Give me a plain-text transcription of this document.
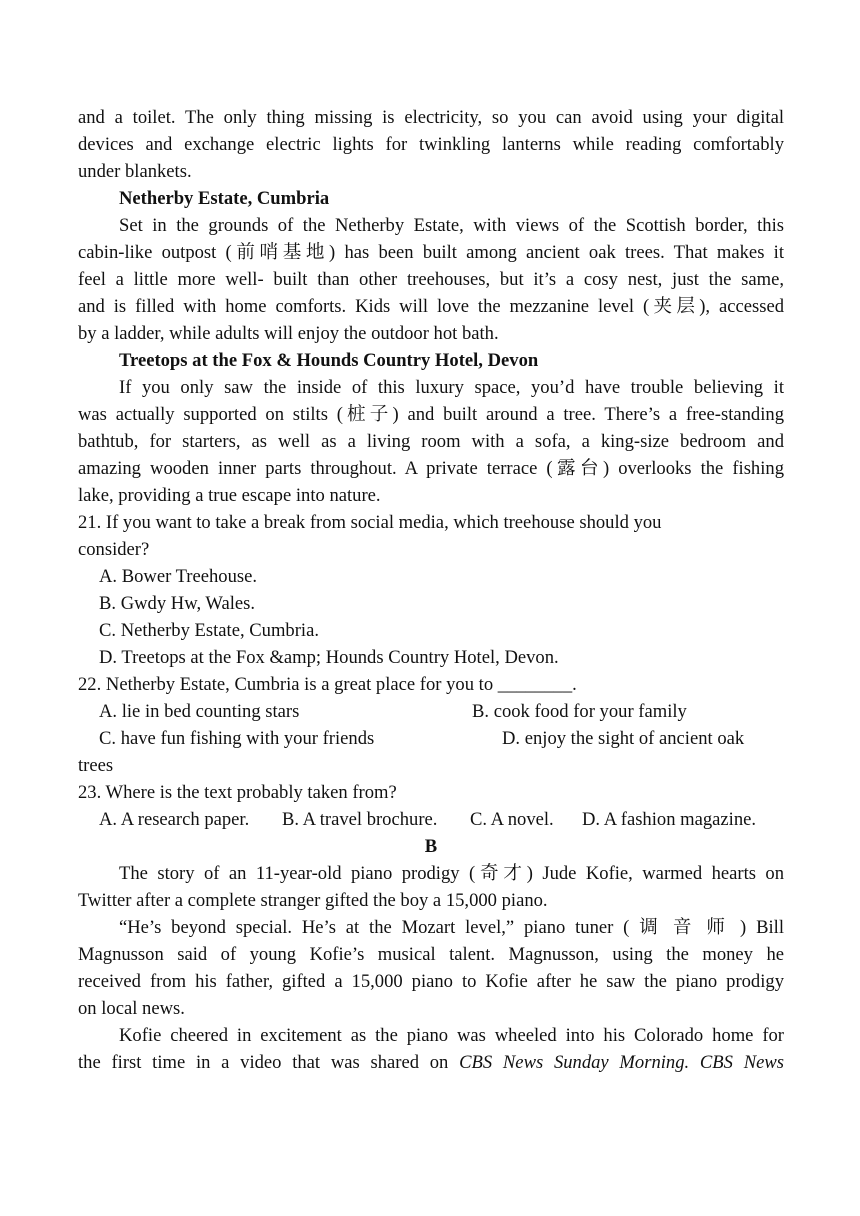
and a toilet. The only thing missing is electricity, so you can avoid using your digital
devices and exchange electric lights for twinkling lanterns while reading comfortably
under blankets.
Netherby Estate, Cumbria
Set in the grounds of the Netherby Estate, with views of the Scottish border, this
cabin-like outpost (前哨基地) has been built among ancient oak trees. That makes it
feel a little more well- built than other treehouses, but it’s a cosy nest, just the same,
and is filled with home comforts. Kids will love the mezzanine level (夹层), accessed
by a ladder, while adults will enjoy the outdoor hot bath.
Treetops at the Fox & Hounds Country Hotel, Devon
If you only saw the inside of this luxury space, you’d have trouble believing it
was actually supported on stilts (桩子) and built around a tree. There’s a free-standing
bathtub, for starters, as well as a living room with a sofa, a king-size bedroom and
amazing wooden inner parts throughout. A private terrace (露台) overlooks the fishing
lake, providing a true escape into nature.
21. If you want to take a break from social media, which treehouse should you
consider?
A. Bower Treehouse.
B. Gwdy Hw, Wales.
C. Netherby Estate, Cumbria.
D. Treetops at the Fox &amp; Hounds Country Hotel, Devon.
22. Netherby Estate, Cumbria is a great place for you to ________.
A. lie in bed counting stars	B. cook food for your family
C. have fun fishing with your friends	D. enjoy the sight of ancient oak
trees
23. Where is the text probably taken from?
A. A research paper. B. A travel brochure. C. A novel. D. A fashion magazine.
B
The story of an 11-year-old piano prodigy (奇才) Jude Kofie, warmed hearts on
Twitter after a complete stranger gifted the boy a 15,000 piano.
“He’s beyond special. He’s at the Mozart level,” piano tuner ( 调 音 师 ) Bill
Magnusson said of young Kofie’s musical talent. Magnusson, using the money he
received from his father, gifted a 15,000 piano to Kofie after he saw the piano prodigy
on local news.
Kofie cheered in excitement as the piano was wheeled into his Colorado home for
the first time in a video that was shared on CBS News Sunday Morning. CBS News
